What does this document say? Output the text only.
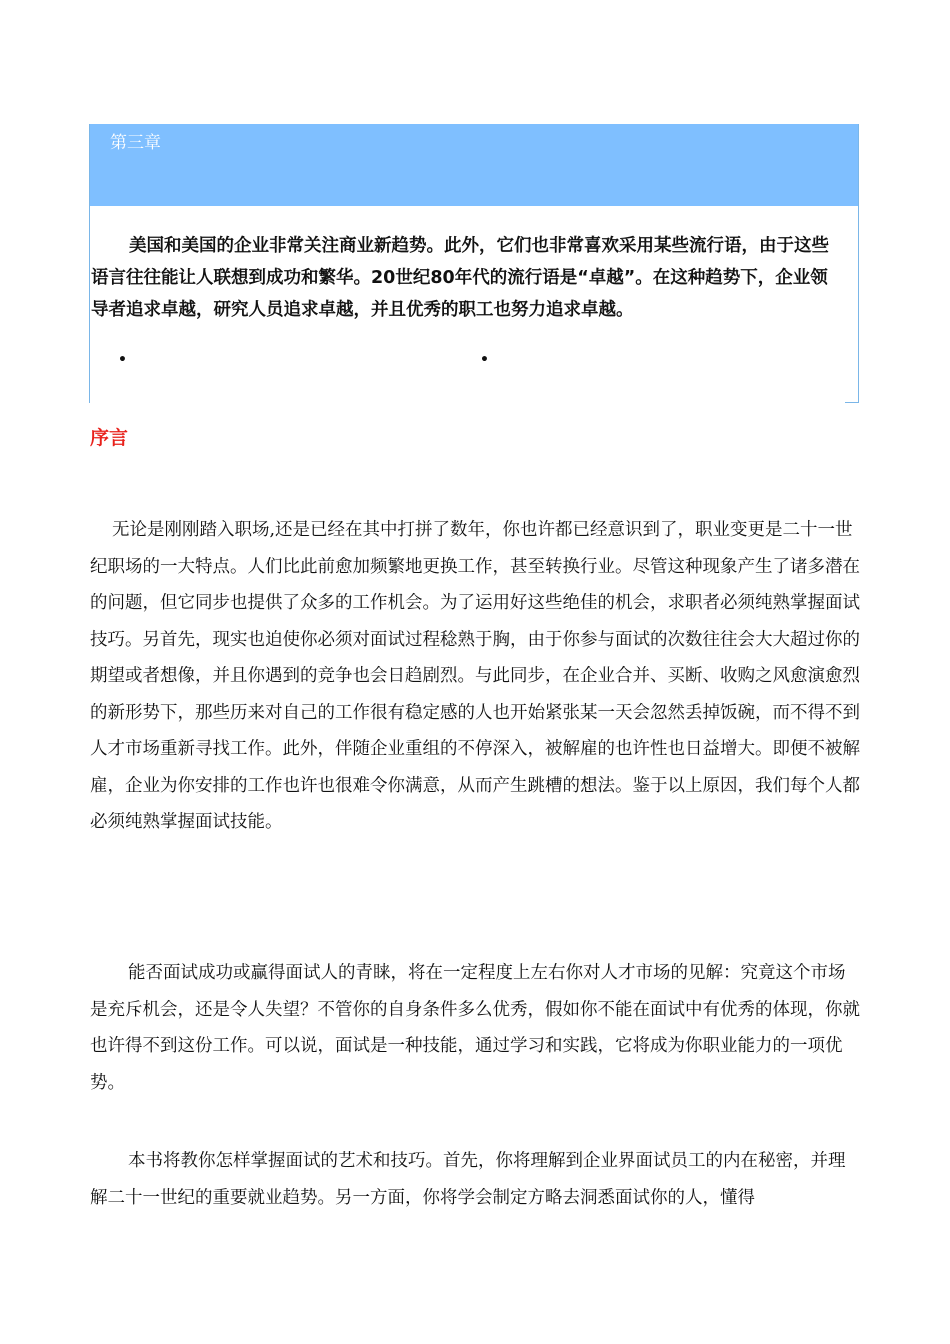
第三章

美国和美国的企业非常关注商业新趋势。此外，它们也非常喜欢采用某些流行语，由于这些语言往往能让人联想到成功和繁华。20世纪80年代的流行语是“卓越”。在这种趋势下，企业领导者追求卓越，研究人员追求卓越，并且优秀的职工也努力追求卓越。

•	•
序言

无论是刚刚踏入职场,还是已经在其中打拼了数年，你也许都已经意识到了，职业变更是二十一世纪职场的一大特点。人们比此前愈加频繁地更换工作，甚至转换行业。尽管这种现象产生了诸多潜在的问题，但它同步也提供了众多的工作机会。为了运用好这些绝佳的机会，求职者必须纯熟掌握面试技巧。另首先，现实也迫使你必须对面试过程稔熟于胸，由于你参与面试的次数往往会大大超过你的期望或者想像，并且你遇到的竞争也会日趋剧烈。与此同步，在企业合并、买断、收购之风愈演愈烈的新形势下，那些历来对自己的工作很有稳定感的人也开始紧张某一天会忽然丢掉饭碗，而不得不到人才市场重新寻找工作。此外，伴随企业重组的不停深入，被解雇的也许性也日益增大。即便不被解雇，企业为你安排的工作也许也很难令你满意，从而产生跳槽的想法。鉴于以上原因，我们每个人都必须纯熟掌握面试技能。

能否面试成功或赢得面试人的青睐，将在一定程度上左右你对人才市场的见解：究竟这个市场是充斥机会，还是令人失望？不管你的自身条件多么优秀，假如你不能在面试中有优秀的体现，你就也许得不到这份工作。可以说，面试是一种技能，通过学习和实践，它将成为你职业能力的一项优势。

本书将教你怎样掌握面试的艺术和技巧。首先，你将理解到企业界面试员工的内在秘密，并理解二十一世纪的重要就业趋势。另一方面，你将学会制定方略去洞悉面试你的人，懂得
